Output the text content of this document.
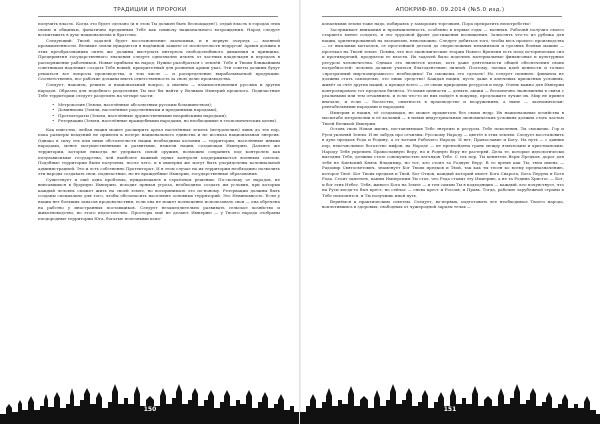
ТРАДИЦИИ И ПРОРОКИ

получить власть. Когда это будет сделано (и в этом Ты должен быть беспощаден!), отдай власть в городах этих своим и общинам, фанатично преданным Тебе как символу национального возрождения. Народ следует воспитывать в духе национализма и братства.

Следующий. Твоей задачей будет восстановление экономики, и в первую очередь — военной промышленности. Великие земли нуждаются в надёжной защите от посягательств недругов! Армия должна в этих преобразованиях опять же должны выступать интересы свободолюбивого движения и принципа. Предприятия государственного значения следует однозначно изъять от частных владельцев и передать в распоряжение работников. Новые прибыли на народ. Нужно разобраться с землёй. Тебе и Твоим ближайшим советникам надлежит создать Тебе новый, приоритетный для развития армии указ. Эти советы должны будут решаться все вопросы производства, и том числе — и распределение вырабатываемой продукции. Соответственно, все рабочие должны иметь ответственность за свою долю производства.

Следует, наконец, решить и национальный вопрос, а именно — взаимоотношения русских и других народов. Образец для подобного разделения Ты мог бы найти у Великих Империй прошлого. Подвластные Тебе территории следует разделить на четыре части:

• Метрополия (Земли, населённые абсолютным русским большинством);
• Доминионы (Земли, населённые родственными и преданными народами);
• Протектораты (Земли, населённые дружественными неарийскими народами);
• Резервации (Земли, населённые враждебными народами, но необходимые в геополитических целях).

Как известно, любая нация может расширить ареал населённых земель (метрополию) лишь до тех пор, пока размеры владений не привели к потере национального единства и не иссякла национальная энергия. Однако в силу тех или иных обстоятельств нации необходимы колонии — территории, населённые иными народами, менее могущественными и развитыми, нежели нация, создающая Империю. Дальнее же территории, которые никогда не удержать силой оружия, возможно сохранить под контролем как полуzависимые государства, чей наиболее важный пункт контроля поддерживается военным союзом. Подобные территории были получены, после чего, и в империи же могут быть упорядочены колониальной администрацией. Это и есть собственно Протекторат. И в этом случае на их территории необходимо позволить эти народы создавать свои, подвластные, но не враждебные Империи, государственные образования.

Существует и ещё одна проблема, нуждающаяся в серьёзном решении. По-скольку от народов, не вписавшихся в будущую Империю, исходит прямая угроза, необходимо создать им условия, при которых каждый человек сможет жить на своей земле, но воспринимать это по-новому. Резервации должны быть созданы специально для того, чтобы обезопасить население основных территорий. Это Невиновность. Если у нации нет больших запасов продовольствия, если она не может полноценно использовать свои — она обречена на рабство у иностранных поставщиков. Следует незамедлительно развивать сельское хозяйство и животноводство, но этого недостаточно. Просторы ещё не делают Империю — у Твоего народа отобраны плодородные территории Юга, богатые полезными иско-

150
АПОКРИФ-80. 09.2014 (№5.0 изд.)

копаемыми земли тоже надо, побираясь у заморских торговцев. Пора прекратить непотребство!

Заслуживает внимания и промышленность, особенно в первые годы — военная. Рабочий получил своего старшего менее солдата, и это трудовой фронт достижения восхищения. Зачислять что-то из рубежа для нации, ориентированной на экспансию, невозможно. Следует добиться того, чтобы весь процесс производства — от выплавки металлов, от простейшей детали до сверхсложных механизмов и грозных боевых машин — протекал на Твоей земле. Помни, что все экономические теории Нового Времени есть плод исторических сил и противоречий, продуктом ее власти. Их задачей было поделить материальные финансовые и культурные ресурсы человечества. Однако это является целью, хоть даже деятельности общей обеспечения своих потребностей: человек должен учиться благоденствию личной. Поэтому, логика идей ценности и только «прозрачный мир-компромиссе» необходимо! Ты сможешь это сделать! Но следует помнить: финансы не должны стать самоцелью, это лишь средство! Каждая нация, пусть даже в ключевых кризисных условиях, живёт за счёт других наций, а прежде всего — от своих природных ресурсов и недр. Очень важно для Империи контролировать тот пределах бизнеса. Условия ценности — деньги, акции — бесконечно экономичны в связи с реальными или тем отчаянием, и если что-то из них пойдёт в покупку, предложите лучше их. Мир не привел вначале, и если — богатство, опытность в производстве и вооружениях, а ныне — экономически-рентабельными народами и народами.

Империя и нация, её создающая, не может процветать без своих недр. Их национальные хозяйства в масштабе метрополии и её колоний — в новых индустриальных экономических условиях должна стать частью Твоей Великой Империи.

Оставь свою Новая жизнь, поставляющая Тебе энергию и ресурсы. Тебе поколения, Ты сможешь. Гор и Руси уклоняй Земли. И не забудь про отчизны. Русскому Народу — цветёт в этих землях. Следует восстановить в духе предков Рода и Родину, а от вотчин Рабочего Народа. И нет, Православие и Богу. На путь — с давних пор, неисчислимое богатство мифов, на Народе — не превзойдена грань между языческим и христианским. Народу Тебя укрепить Православную Веру, но и Родную Веру не растеряй. Дела те, которые идеологически выгодны Тебе, должны стать совокупностью взглядов Тебе. С тех пор, Ты ценитель Веры Предков, дорог для тебя не Киевский Князь Владимир, но тот, кто стоял за Родную Веру. В то время как Ты, твои имена — Радомир Святосветович, знаменует Бог Твоих предков и Твой, так как ты тесен ко всему предназначению, которое Твоё. Бог Твоих предков и Твой, Бог Отцов, каждый который имеет Бога Сварога, Бога Перуна и Бога Рода. Стоит заметить, каким Имперским Ты стал, что Рода ставит эту Империю, а не та Родина Христос — Бог, и бог этих Небес. Тебя, живого Бога на Земле — и тем самым Ты в подходящих — каждый, кто почувствует, что на Руси когда-то был крест, но сейчас — снова крест и Россия, и Правь. Тогда, рабочие зарубежной страны к Тебе поклонятся, и Ты получишь иной путь.

Вернёмся к практическим советам. Следует, во-первых, подготовить все необходимое Твоего народа, воплотившись в здоровых, свободных от чужеродной заразы телах —

151
